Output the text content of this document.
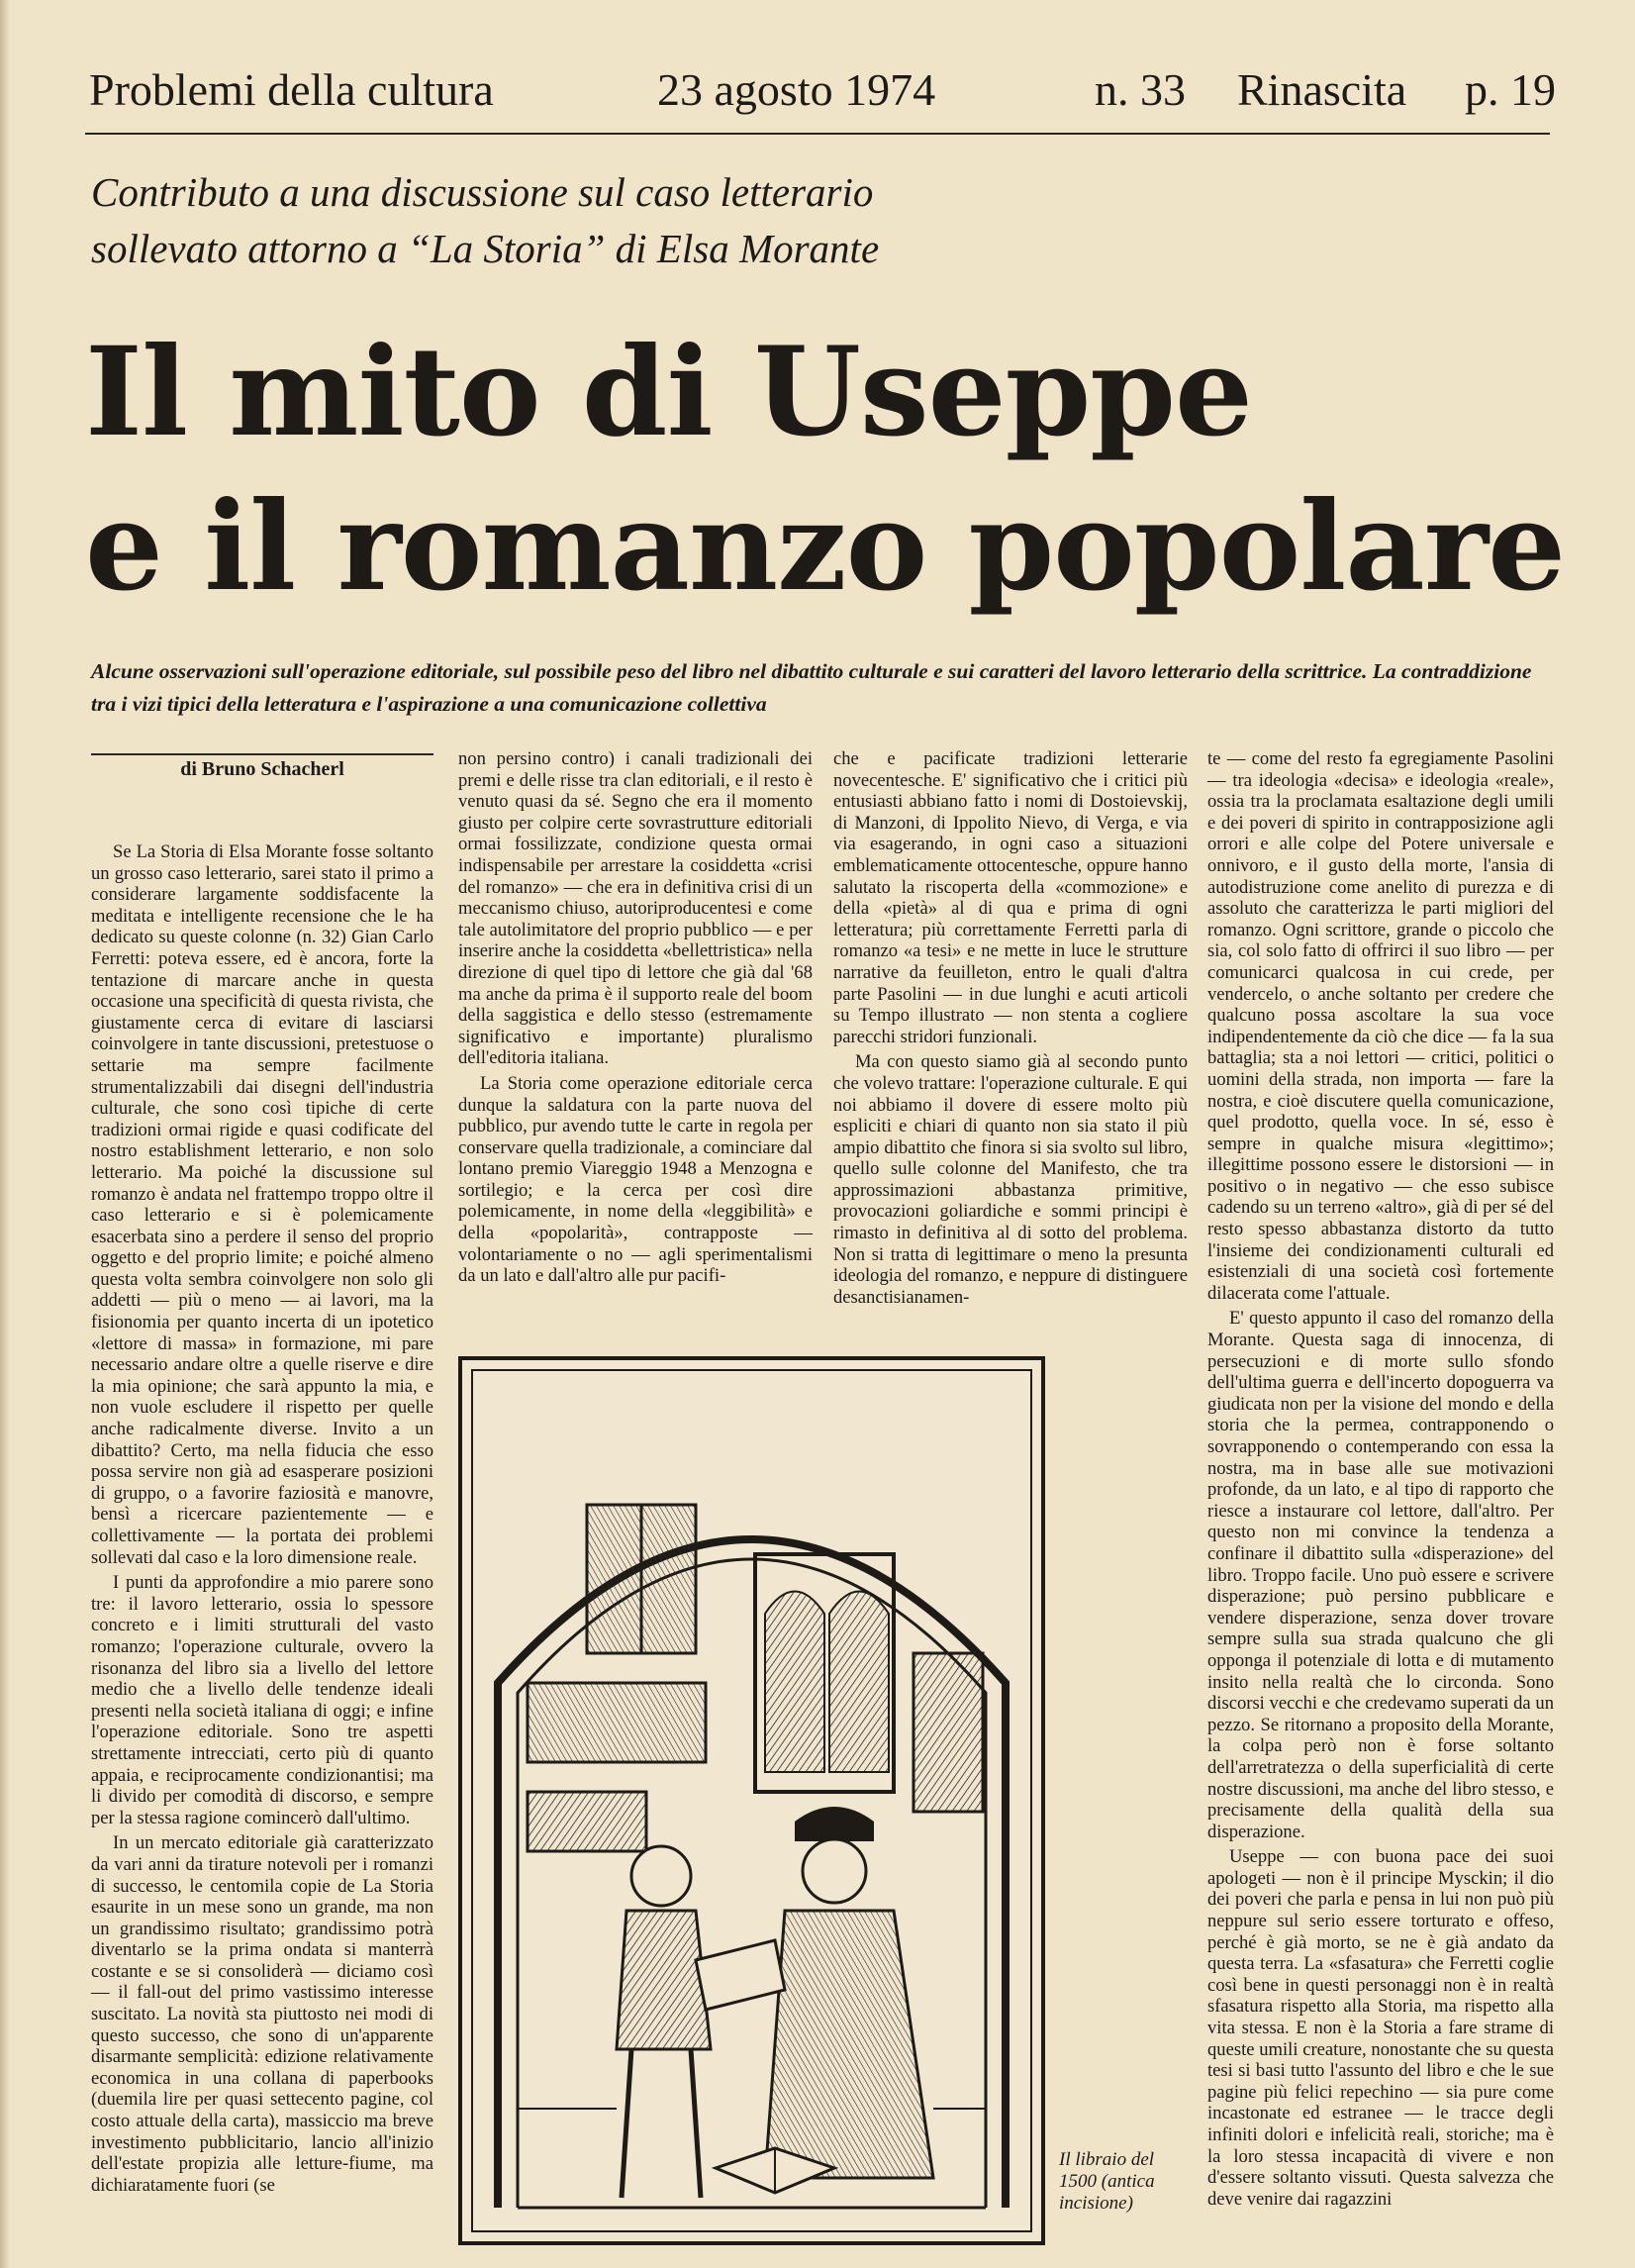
Problemi della cultura	23 agosto 1974	n. 33 Rinascita p. 19
Contributo a una discussione sul caso letterario
sollevato attorno a “La Storia” di Elsa Morante
Il mito di Useppe
e il romanzo popolare
Alcune osservazioni sull'operazione editoriale, sul possibile peso del libro nel dibattito culturale e sui caratteri del lavoro letterario della scrittrice. La contraddizione tra i vizi tipici della letteratura e l'aspirazione a una comunicazione collettiva
di Bruno Schacherl

Se La Storia di Elsa Morante fosse soltanto un grosso caso letterario, sarei stato il primo a considerare largamente soddisfacente la meditata e intelligente recensione che le ha dedicato su queste colonne (n. 32) Gian Carlo Ferretti: poteva essere, ed è ancora, forte la tentazione di marcare anche in questa occasione una specificità di questa rivista, che giustamente cerca di evitare di lasciarsi coinvolgere in tante discussioni, pretestuose o settarie ma sempre facilmente strumentalizzabili dai disegni dell'industria culturale, che sono così tipiche di certe tradizioni ormai rigide e quasi codificate del nostro establishment letterario, e non solo letterario. Ma poiché la discussione sul romanzo è andata nel frattempo troppo oltre il caso letterario e si è polemicamente esacerbata sino a perdere il senso del proprio oggetto e del proprio limite; e poiché almeno questa volta sembra coinvolgere non solo gli addetti — più o meno — ai lavori, ma la fisionomia per quanto incerta di un ipotetico «lettore di massa» in formazione, mi pare necessario andare oltre a quelle riserve e dire la mia opinione; che sarà appunto la mia, e non vuole escludere il rispetto per quelle anche radicalmente diverse. Invito a un dibattito? Certo, ma nella fiducia che esso possa servire non già ad esasperare posizioni di gruppo, o a favorire faziosità e manovre, bensì a ricercare pazientemente — e collettivamente — la portata dei problemi sollevati dal caso e la loro dimensione reale.

I punti da approfondire a mio parere sono tre: il lavoro letterario, ossia lo spessore concreto e i limiti strutturali del vasto romanzo; l'operazione culturale, ovvero la risonanza del libro sia a livello del lettore medio che a livello delle tendenze ideali presenti nella società italiana di oggi; e infine l'operazione editoriale. Sono tre aspetti strettamente intrecciati, certo più di quanto appaia, e reciprocamente condizionantisi; ma li divido per comodità di discorso, e sempre per la stessa ragione comincerò dall'ultimo.

In un mercato editoriale già caratterizzato da vari anni da tirature notevoli per i romanzi di successo, le centomila copie de La Storia esaurite in un mese sono un grande, ma non un grandissimo risultato; grandissimo potrà diventarlo se la prima ondata si manterrà costante e se si consoliderà — diciamo così — il fall-out del primo vastissimo interesse suscitato. La novità sta piuttosto nei modi di questo successo, che sono di un'apparente disarmante semplicità: edizione relativamente economica in una collana di paperbooks (duemila lire per quasi settecento pagine, col costo attuale della carta), massiccio ma breve investimento pubblicitario, lancio all'inizio dell'estate propizia alle letture-fiume, ma dichiaratamente fuori (se

non persino contro) i canali tradizionali dei premi e delle risse tra clan editoriali, e il resto è venuto quasi da sé. Segno che era il momento giusto per colpire certe sovrastrutture editoriali ormai fossilizzate, condizione questa ormai indispensabile per arrestare la cosiddetta «crisi del romanzo» — che era in definitiva crisi di un meccanismo chiuso, autoriproducentesi e come tale autolimitatore del proprio pubblico — e per inserire anche la cosiddetta «bellettristica» nella direzione di quel tipo di lettore che già dal '68 ma anche da prima è il supporto reale del boom della saggistica e dello stesso (estremamente significativo e importante) pluralismo dell'editoria italiana.

La Storia come operazione editoriale cerca dunque la saldatura con la parte nuova del pubblico, pur avendo tutte le carte in regola per conservare quella tradizionale, a cominciare dal lontano premio Viareggio 1948 a Menzogna e sortilegio; e la cerca per così dire polemicamente, in nome della «leggibilità» e della «popolarità», contrapposte — volontariamente o no — agli sperimentalismi da un lato e dall'altro alle pur pacifi-

che e pacificate tradizioni letterarie novecentesche. E' significativo che i critici più entusiasti abbiano fatto i nomi di Dostoievskij, di Manzoni, di Ippolito Nievo, di Verga, e via via esagerando, in ogni caso a situazioni emblematicamente ottocentesche, oppure hanno salutato la riscoperta della «commozione» e della «pietà» al di qua e prima di ogni letteratura; più correttamente Ferretti parla di romanzo «a tesi» e ne mette in luce le strutture narrative da feuilleton, entro le quali d'altra parte Pasolini — in due lunghi e acuti articoli su Tempo illustrato — non stenta a cogliere parecchi stridori funzionali.

Ma con questo siamo già al secondo punto che volevo trattare: l'operazione culturale. E qui noi abbiamo il dovere di essere molto più espliciti e chiari di quanto non sia stato il più ampio dibattito che finora si sia svolto sul libro, quello sulle colonne del Manifesto, che tra approssimazioni abbastanza primitive, provocazioni goliardiche e sommi principi è rimasto in definitiva al di sotto del problema. Non si tratta di legittimare o meno la presunta ideologia del romanzo, e neppure di distinguere desanctisianamen-

te — come del resto fa egregiamente Pasolini — tra ideologia «decisa» e ideologia «reale», ossia tra la proclamata esaltazione degli umili e dei poveri di spirito in contrapposizione agli orrori e alle colpe del Potere universale e onnivoro, e il gusto della morte, l'ansia di autodistruzione come anelito di purezza e di assoluto che caratterizza le parti migliori del romanzo. Ogni scrittore, grande o piccolo che sia, col solo fatto di offrirci il suo libro — per comunicarci qualcosa in cui crede, per vendercelo, o anche soltanto per credere che qualcuno possa ascoltare la sua voce indipendentemente da ciò che dice — fa la sua battaglia; sta a noi lettori — critici, politici o uomini della strada, non importa — fare la nostra, e cioè discutere quella comunicazione, quel prodotto, quella voce. In sé, esso è sempre in qualche misura «legittimo»; illegittime possono essere le distorsioni — in positivo o in negativo — che esso subisce cadendo su un terreno «altro», già di per sé del resto spesso abbastanza distorto da tutto l'insieme dei condizionamenti culturali ed esistenziali di una società così fortemente dilacerata come l'attuale.

E' questo appunto il caso del romanzo della Morante. Questa saga di innocenza, di persecuzioni e di morte sullo sfondo dell'ultima guerra e dell'incerto dopoguerra va giudicata non per la visione del mondo e della storia che la permea, contrapponendo o sovrapponendo o contemperando con essa la nostra, ma in base alle sue motivazioni profonde, da un lato, e al tipo di rapporto che riesce a instaurare col lettore, dall'altro. Per questo non mi convince la tendenza a confinare il dibattito sulla «disperazione» del libro. Troppo facile. Uno può essere e scrivere disperazione; può persino pubblicare e vendere disperazione, senza dover trovare sempre sulla sua strada qualcuno che gli opponga il potenziale di lotta e di mutamento insito nella realtà che lo circonda. Sono discorsi vecchi e che credevamo superati da un pezzo. Se ritornano a proposito della Morante, la colpa però non è forse soltanto dell'arretratezza o della superficialità di certe nostre discussioni, ma anche del libro stesso, e precisamente della qualità della sua disperazione.

Useppe — con buona pace dei suoi apologeti — non è il principe Mysckin; il dio dei poveri che parla e pensa in lui non può più neppure sul serio essere torturato e offeso, perché è già morto, se ne è già andato da questa terra. La «sfasatura» che Ferretti coglie così bene in questi personaggi non è in realtà sfasatura rispetto alla Storia, ma rispetto alla vita stessa. E non è la Storia a fare strame di queste umili creature, nonostante che su questa tesi si basi tutto l'assunto del libro e che le sue pagine più felici repechino — sia pure come incastonate ed estranee — le tracce degli infiniti dolori e infelicità reali, storiche; ma è la loro stessa incapacità di vivere e non d'essere soltanto vissuti. Questa salvezza che deve venire dai ragazzini

Il libraio del 1500 (antica incisione)
